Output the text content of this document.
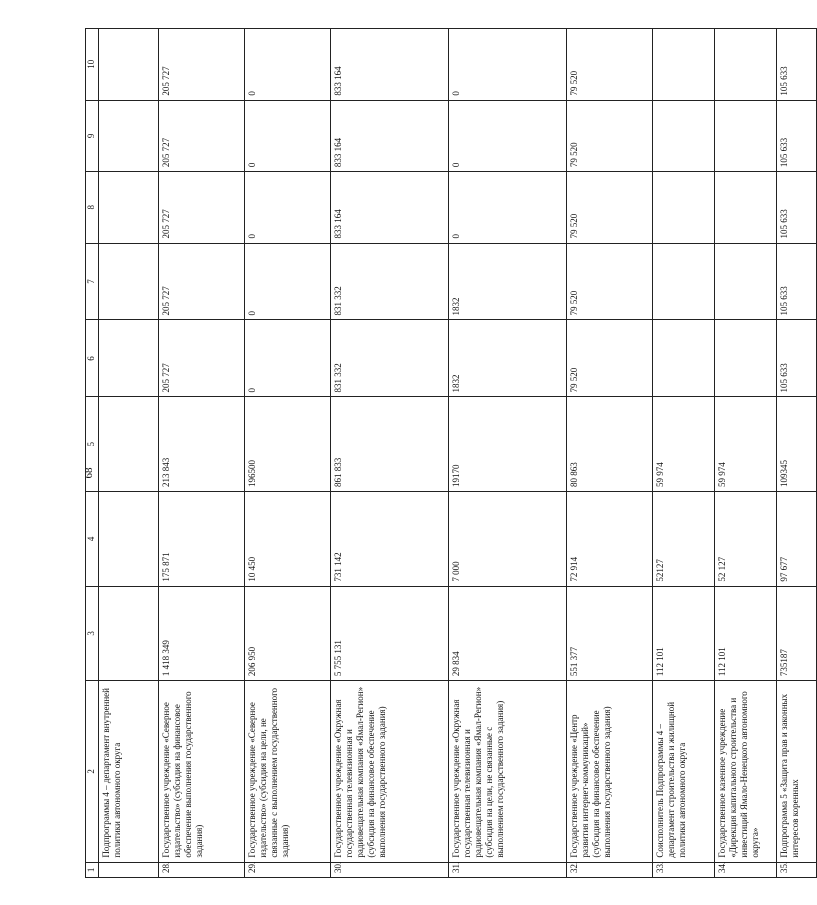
68
1	2	3	4	5	6	7	8	9	10
	Подпрограммы 4 – департамент внутренней политики автономного округа								
28.	Государственное учреждение «Северное издательство» (субсидия на финансовое обеспечение выполнения государственного задания)	1 418 349	175 871	213 843	205 727	205 727	205 727	205 727	205 727
29.	Государственное учреждение «Северное издательство» (субсидия на цели, не связанные с выполнением государственного задания)	206 950	10 450	196500	0	0	0	0	0
30.	Государственное учреждение «Окружная государственная телевизионная и радиовещательная компания «Ямал-Регион» (субсидия на финансовое обеспечение выполнения государственного задания)	5 755 131	731 142	861 833	831 332	831 332	833 164	833 164	833 164
31.	Государственное учреждение «Окружная государственная телевизионная и радиовещательная компания «Ямал-Регион» (субсидия на цели, не связанные с выполнением государственного задания)	29 834	7 000	19170	1832	1832	0	0	0
32.	Государственное учреждение «Центр развития интернет-коммуникаций» (субсидия на финансовое обеспечение выполнения государственного задания)	551 377	72 914	80 863	79 520	79 520	79 520	79 520	79 520
33.	Соисполнитель Подпрограммы 4 – департамент строительства и жилищной политики автономного округа	112 101	52127	59 974					
34.	Государственное казенное учреждение «Дирекция капитального строительства и инвестиций Ямало-Ненецкого автономного округа»	112 101	52 127	59 974					
35.	Подпрограмма 5 «Защита прав и законных интересов коренных	735187	97 677	109345	105 633	105 633	105 633	105 633	105 633
